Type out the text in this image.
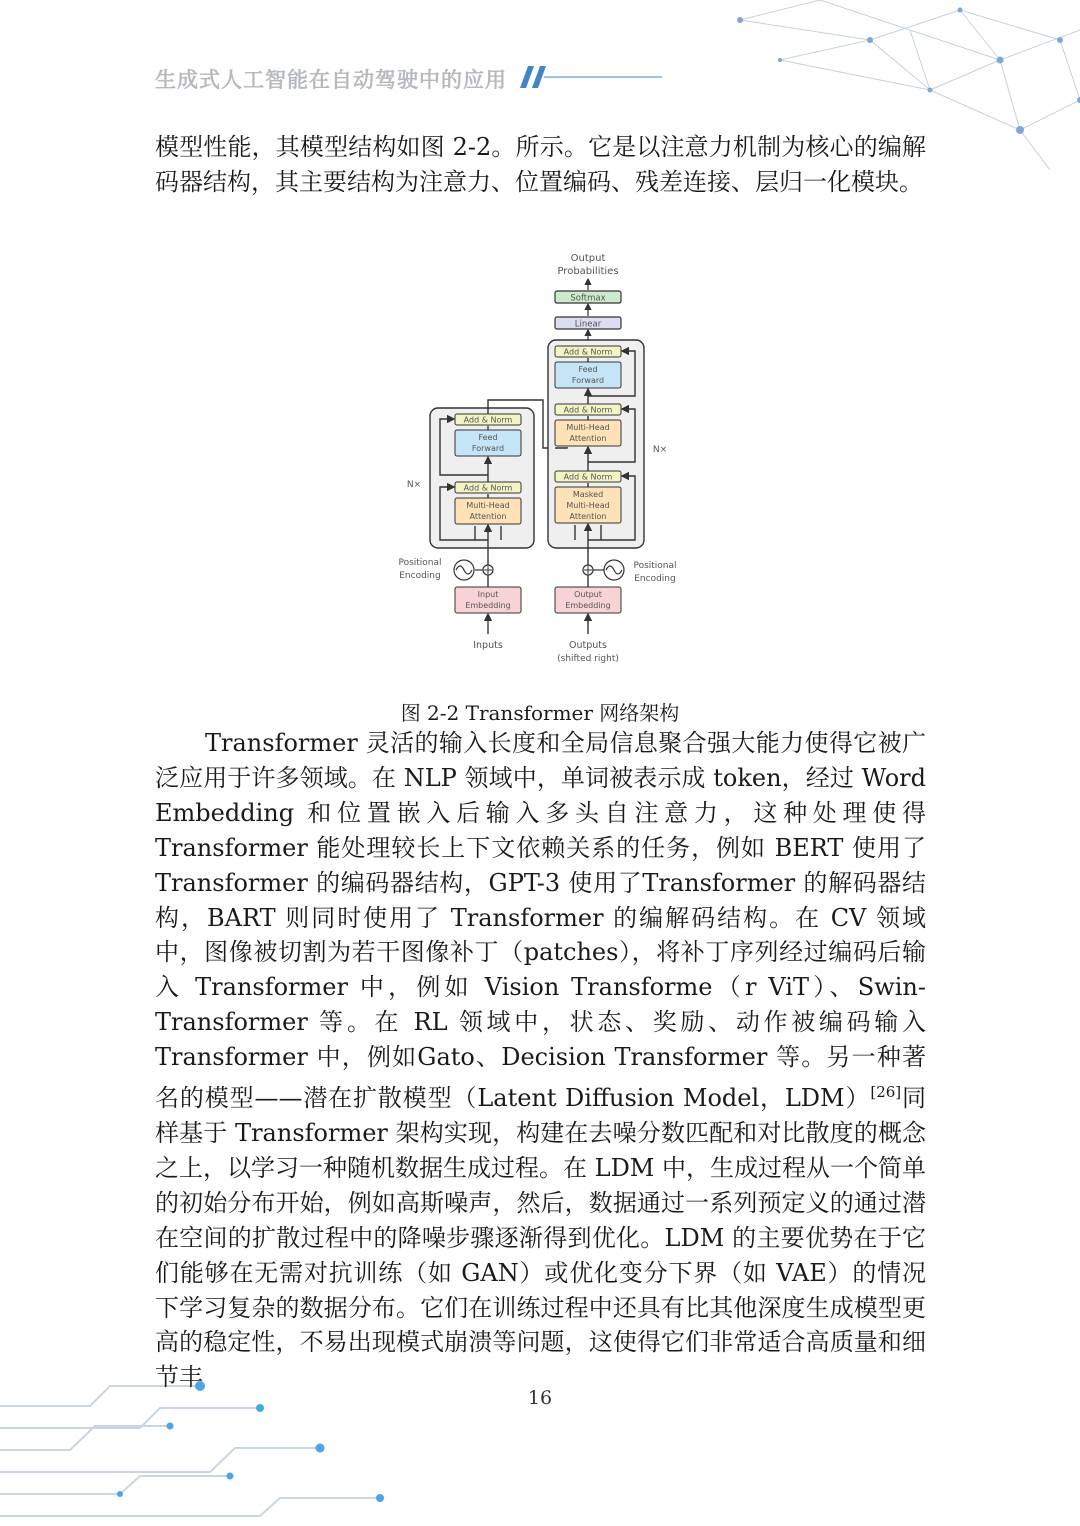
生成式人工智能在自动驾驶中的应用

模型性能，其模型结构如图 2-2。所示。它是以注意力机制为核心的编解码器结构，其主要结构为注意力、位置编码、残差连接、层归一化模块。

Output
Probabilities
Softmax
Linear
N×
Add & Norm
Feed
Forward
Add & Norm
Multi-Head
Attention
N×
Add & Norm
Feed
Forward
Add & Norm
Multi-Head
Attention
Add & Norm
Masked
Multi-Head
Attention
Positional
Encoding
Positional
Encoding
Input
Embedding
Output
Embedding
Inputs	Outputs
(shifted right)
图 2-2 Transformer 网络架构

Transformer 灵活的输入长度和全局信息聚合强大能力使得它被广泛应用于许多领域。在 NLP 领域中，单词被表示成 token，经过 Word Embedding 和位置嵌入后输入多头自注意力，这种处理使得 Transformer 能处理较长上下文依赖关系的任务，例如 BERT 使用了 Transformer 的编码器结构，GPT-3 使用了Transformer 的解码器结构，BART 则同时使用了 Transformer 的编解码结构。在 CV 领域中，图像被切割为若干图像补丁（patches），将补丁序列经过编码后输入 Transformer 中，例如 Vision Transforme（r ViT）、Swin-Transformer 等。在 RL 领域中，状态、奖励、动作被编码输入 Transformer 中，例如Gato、Decision Transformer 等。另一种著名的模型——潜在扩散模型（Latent Diffusion Model，LDM）[26]同样基于 Transformer 架构实现，构建在去噪分数匹配和对比散度的概念之上，以学习一种随机数据生成过程。在 LDM 中，生成过程从一个简单的初始分布开始，例如高斯噪声，然后，数据通过一系列预定义的通过潜在空间的扩散过程中的降噪步骤逐渐得到优化。LDM 的主要优势在于它们能够在无需对抗训练（如 GAN）或优化变分下界（如 VAE）的情况下学习复杂的数据分布。它们在训练过程中还具有比其他深度生成模型更高的稳定性，不易出现模式崩溃等问题，这使得它们非常适合高质量和细节丰

16
